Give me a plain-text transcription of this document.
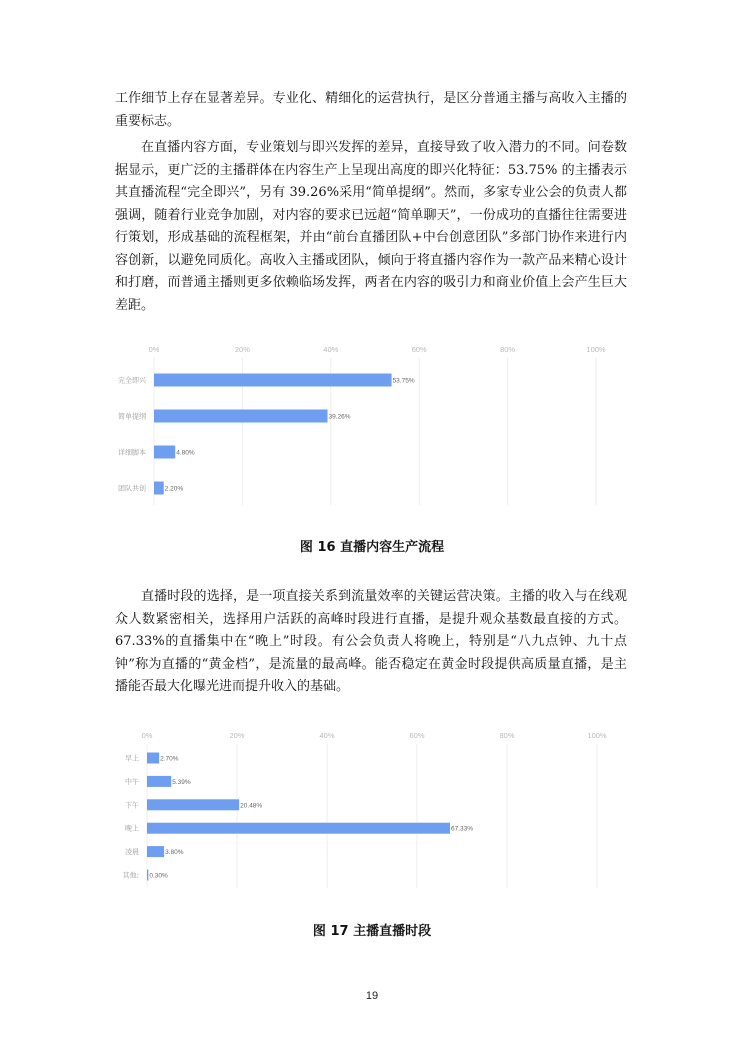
工作细节上存在显著差异。专业化、精细化的运营执行，是区分普通主播与高收入主播的重要标志。

在直播内容方面，专业策划与即兴发挥的差异，直接导致了收入潜力的不同。问卷数据显示，更广泛的主播群体在内容生产上呈现出高度的即兴化特征：53.75% 的主播表示其直播流程“完全即兴”，另有 39.26%采用“简单提纲”。然而，多家专业公会的负责人都强调，随着行业竞争加剧，对内容的要求已远超“简单聊天”，一份成功的直播往往需要进行策划，形成基础的流程框架，并由“前台直播团队+中台创意团队”多部门协作来进行内容创新，以避免同质化。高收入主播或团队，倾向于将直播内容作为一款产品来精心设计和打磨，而普通主播则更多依赖临场发挥，两者在内容的吸引力和商业价值上会产生巨大差距。

0%	20%	40%	60%	80%	100%
完全即兴	53.75%
简单提纲	39.26%
详细脚本	4.80%
团队共创	2.20%
0%	20%	40%	60%	80%	100%
早上	2.70%
中午	5.39%
下午	20.48%
晚上	67.33%
凌晨	3.80%
其他: 0.30%
图 16 直播内容生产流程

直播时段的选择，是一项直接关系到流量效率的关键运营决策。主播的收入与在线观众人数紧密相关，选择用户活跃的高峰时段进行直播，是提升观众基数最直接的方式。67.33%的直播集中在“晚上”时段。有公会负责人将晚上，特别是“八九点钟、九十点钟”称为直播的“黄金档”，是流量的最高峰。能否稳定在黄金时段提供高质量直播，是主播能否最大化曝光进而提升收入的基础。

图 17 主播直播时段
19
